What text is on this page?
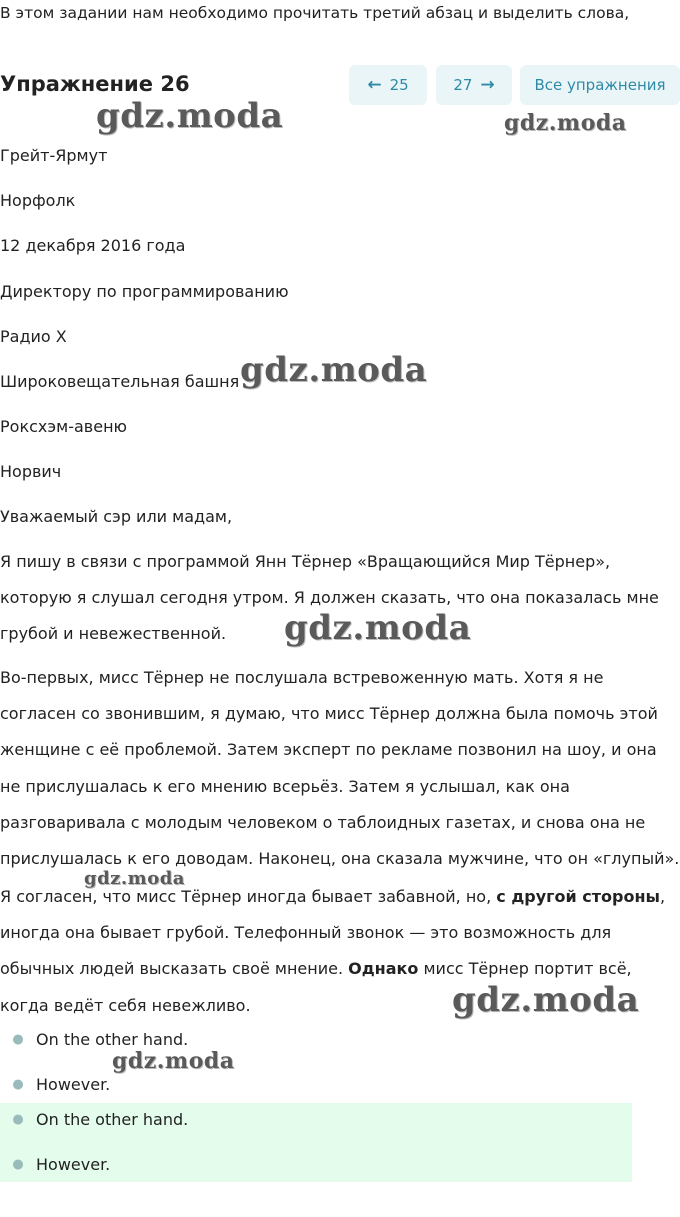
В этом задании нам необходимо прочитать третий абзац и выделить слова,
Упражнение 26	← 25	27 →	Все упражнения
Грейт-Ярмут
Норфолк
12 декабря 2016 года
Директору по программированию
Радио X
Широковещательная башня
Роксхэм-авеню
Норвич
Уважаемый сэр или мадам,
Я пишу в связи с программой Янн Тёрнер «Вращающийся Мир Тёрнер», которую я слушал сегодня утром. Я должен сказать, что она показалась мне грубой и невежественной.
Во-первых, мисс Тёрнер не послушала встревоженную мать. Хотя я не согласен со звонившим, я думаю, что мисс Тёрнер должна была помочь этой женщине с её проблемой. Затем эксперт по рекламе позвонил на шоу, и она не прислушалась к его мнению всерьёз. Затем я услышал, как она разговаривала с молодым человеком о таблоидных газетах, и снова она не прислушалась к его доводам. Наконец, она сказала мужчине, что он «глупый».
Я согласен, что мисс Тёрнер иногда бывает забавной, но, с другой стороны, иногда она бывает грубой. Телефонный звонок — это возможность для обычных людей высказать своё мнение. Однако мисс Тёрнер портит всё, когда ведёт себя невежливо.
● On the other hand.
● However.
● On the other hand.
● However.
gdz.moda	gdz.moda
gdz.moda
gdz.moda
gdz.moda
gdz.moda
gdz.moda
